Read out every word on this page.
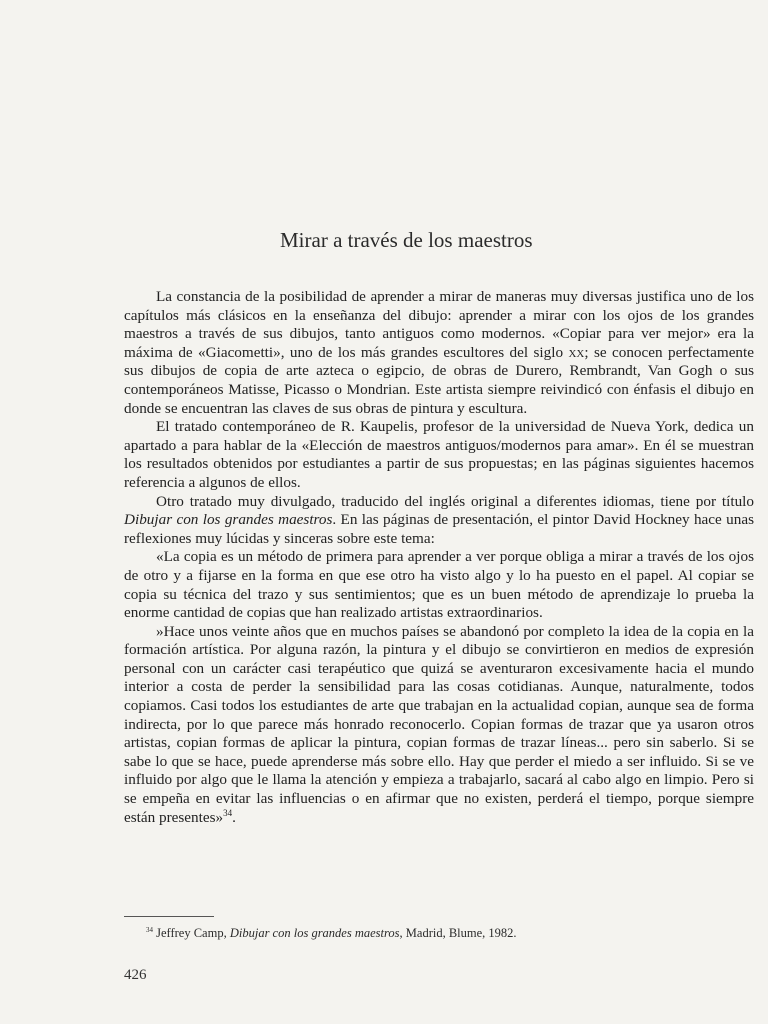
Mirar a través de los maestros

La constancia de la posibilidad de aprender a mirar de maneras muy diversas justifica uno de los capítulos más clásicos en la enseñanza del dibujo: aprender a mirar con los ojos de los grandes maestros a través de sus dibujos, tanto antiguos como modernos. «Copiar para ver mejor» era la máxima de «Giacometti», uno de los más grandes escultores del siglo xx; se conocen perfectamente sus dibujos de copia de arte azteca o egipcio, de obras de Durero, Rembrandt, Van Gogh o sus contemporáneos Matisse, Picasso o Mondrian. Este artista siempre reivindicó con énfasis el dibujo en donde se encuentran las claves de sus obras de pintura y escultura.

El tratado contemporáneo de R. Kaupelis, profesor de la universidad de Nueva York, dedica un apartado a para hablar de la «Elección de maestros antiguos/modernos para amar». En él se muestran los resultados obtenidos por estudiantes a partir de sus propuestas; en las páginas siguientes hacemos referencia a algunos de ellos.

Otro tratado muy divulgado, traducido del inglés original a diferentes idiomas, tiene por título Dibujar con los grandes maestros. En las páginas de presentación, el pintor David Hockney hace unas reflexiones muy lúcidas y sinceras sobre este tema:

«La copia es un método de primera para aprender a ver porque obliga a mirar a través de los ojos de otro y a fijarse en la forma en que ese otro ha visto algo y lo ha puesto en el papel. Al copiar se copia su técnica del trazo y sus sentimientos; que es un buen método de aprendizaje lo prueba la enorme cantidad de copias que han realizado artistas extraordinarios.

»Hace unos veinte años que en muchos países se abandonó por completo la idea de la copia en la formación artística. Por alguna razón, la pintura y el dibujo se convirtieron en medios de expresión personal con un carácter casi terapéutico que quizá se aventuraron excesivamente hacia el mundo interior a costa de perder la sensibilidad para las cosas cotidianas. Aunque, naturalmente, todos copiamos. Casi todos los estudiantes de arte que trabajan en la actualidad copian, aunque sea de forma indirecta, por lo que parece más honrado reconocerlo. Copian formas de trazar que ya usaron otros artistas, copian formas de aplicar la pintura, copian formas de trazar líneas... pero sin saberlo. Si se sabe lo que se hace, puede aprenderse más sobre ello. Hay que perder el miedo a ser influido. Si se ve influido por algo que le llama la atención y empieza a trabajarlo, sacará al cabo algo en limpio. Pero si se empeña en evitar las influencias o en afirmar que no existen, perderá el tiempo, porque siempre están presentes»$^{34}$.

$^{34}$ Jeffrey Camp, Dibujar con los grandes maestros, Madrid, Blume, 1982.

426
